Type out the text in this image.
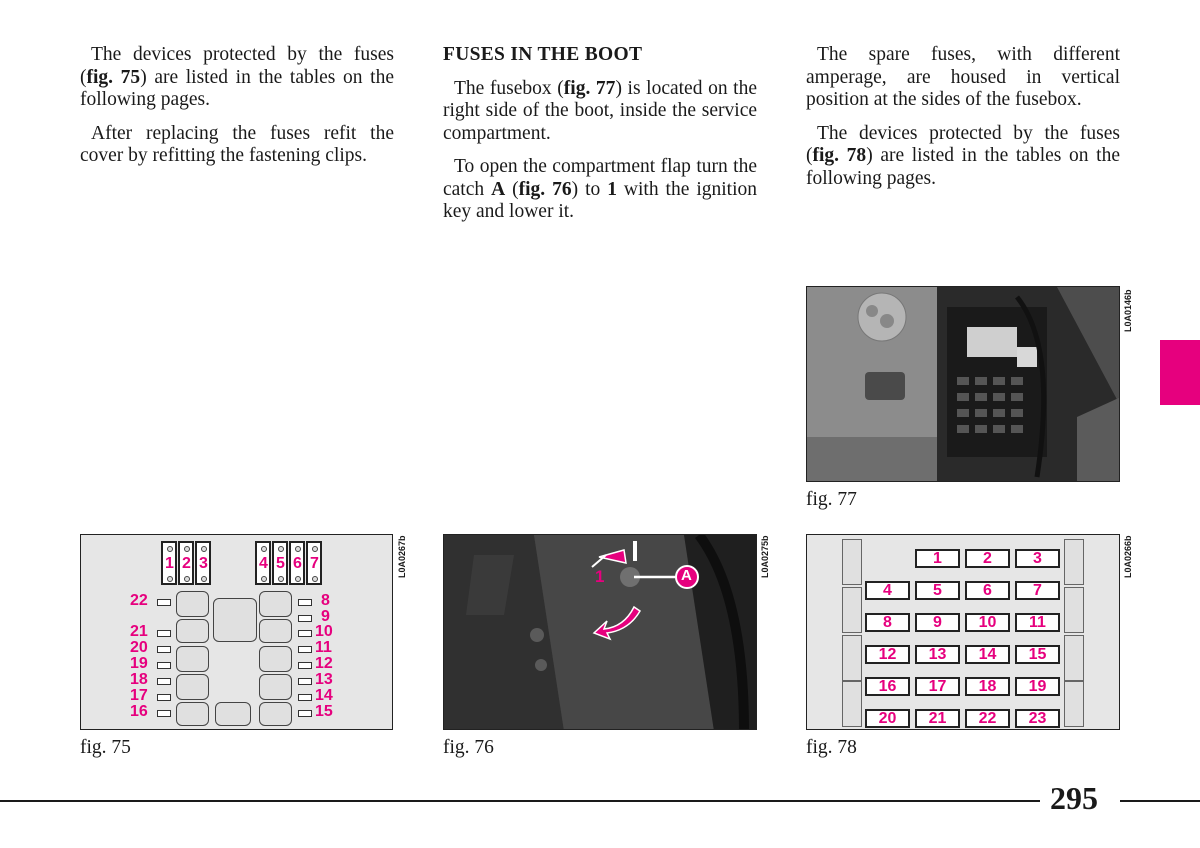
The devices protected by the fuses (fig. 75) are listed in the tables on the following pages.

After replacing the fuses refit the cover by refitting the fastening clips.

FUSES IN THE BOOT

The fusebox (fig. 77) is located on the right side of the boot, inside the service compartment.

To open the compartment flap turn the catch A (fig. 76) to 1 with the ignition key and lower it.

The spare fuses, with different amperage, are housed in vertical position at the sides of the fusebox.

The devices protected by the fuses (fig. 78) are listed in the tables on the following pages.

L0A0146b
fig. 77
1 2 3	4 5 6 7
22
21
20
19
18
17
16
8
9
10
11
12
13
14
15
L0A0267b
fig. 75
A
1	L0A0275b
fig. 76
1	2	3
4	5	6	7
8	9	10	11
12	13	14	15
16	17	18	19
20	21	22	23
L0A0266b
fig. 78
295
